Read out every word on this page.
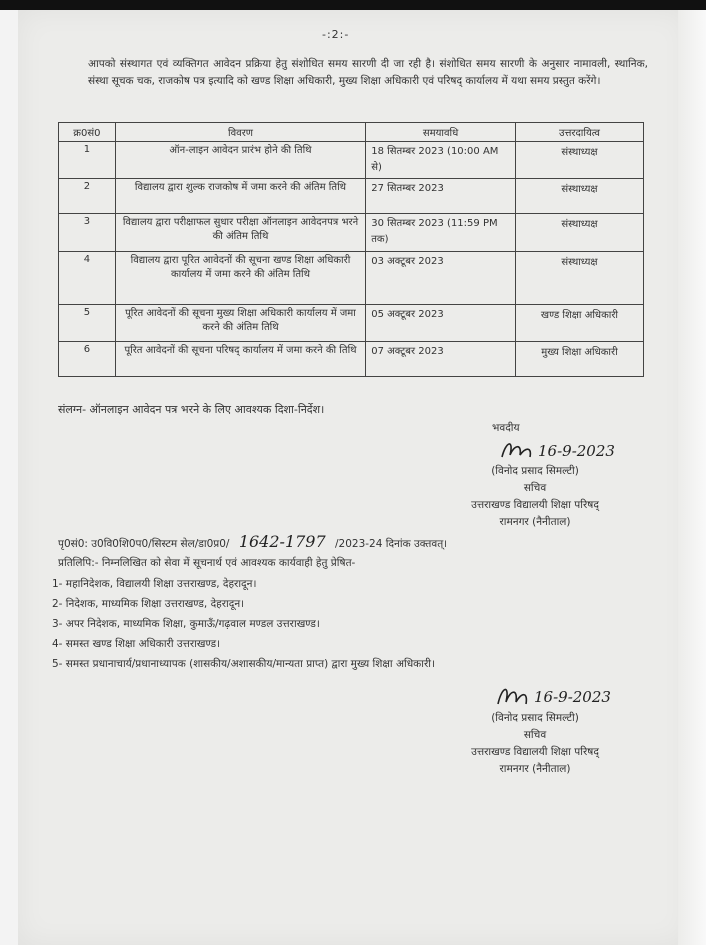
-:2:-
आपको संस्थागत एवं व्यक्तिगत आवेदन प्रक्रिया हेतु संशोधित समय सारणी दी जा रही है। संशोधित समय सारणी के अनुसार नामावली, स्थानिक, संस्था सूचक चक, राजकोष पत्र इत्यादि को खण्ड शिक्षा अधिकारी, मुख्य शिक्षा अधिकारी एवं परिषद् कार्यालय में यथा समय प्रस्तुत करेंगे।
क्र0सं0	विवरण	समयावधि	उत्तरदायित्व
1	ऑन-लाइन आवेदन प्रारंभ होने की तिथि	18 सितम्बर 2023 (10:00 AM से)	संस्थाध्यक्ष
2	विद्यालय द्वारा शुल्क राजकोष में जमा करने की अंतिम तिथि	27 सितम्बर 2023	संस्थाध्यक्ष
3	विद्यालय द्वारा परीक्षाफल सुधार परीक्षा ऑनलाइन आवेदनपत्र भरने की अंतिम तिथि	30 सितम्बर 2023 (11:59 PM तक)	संस्थाध्यक्ष
4	विद्यालय द्वारा पूरित आवेदनों की सूचना खण्ड शिक्षा अधिकारी कार्यालय में जमा करने की अंतिम तिथि	03 अक्टूबर 2023	संस्थाध्यक्ष
5	पूरित आवेदनों की सूचना मुख्य शिक्षा अधिकारी कार्यालय में जमा करने की अंतिम तिथि	05 अक्टूबर 2023	खण्ड शिक्षा अधिकारी
6	पूरित आवेदनों की सूचना परिषद् कार्यालय में जमा करने की तिथि	07 अक्टूबर 2023	मुख्य शिक्षा अधिकारी
संलग्न- ऑनलाइन आवेदन पत्र भरने के लिए आवश्यक दिशा-निर्देश।
भवदीय
16-9-2023
(विनोद प्रसाद सिमल्टी)
सचिव
उत्तराखण्ड विद्यालयी शिक्षा परिषद्
रामनगर (नैनीताल)
पृ0सं0: उ0वि0शि0प0/सिस्टम सेल/डा0प्र0/ 1642-1797 /2023-24 दिनांक उक्तवत्।
प्रतिलिपि:- निम्नलिखित को सेवा में सूचनार्थ एवं आवश्यक कार्यवाही हेतु प्रेषित-
1- महानिदेशक, विद्यालयी शिक्षा उत्तराखण्ड, देहरादून।
2- निदेशक, माध्यमिक शिक्षा उत्तराखण्ड, देहरादून।
3- अपर निदेशक, माध्यमिक शिक्षा, कुमाऊँ/गढ़वाल मण्डल उत्तराखण्ड।
4- समस्त खण्ड शिक्षा अधिकारी उत्तराखण्ड।
5- समस्त प्रधानाचार्य/प्रधानाध्यापक (शासकीय/अशासकीय/मान्यता प्राप्त) द्वारा मुख्य शिक्षा अधिकारी।
16-9-2023
(विनोद प्रसाद सिमल्टी)
सचिव
उत्तराखण्ड विद्यालयी शिक्षा परिषद्
रामनगर (नैनीताल)
